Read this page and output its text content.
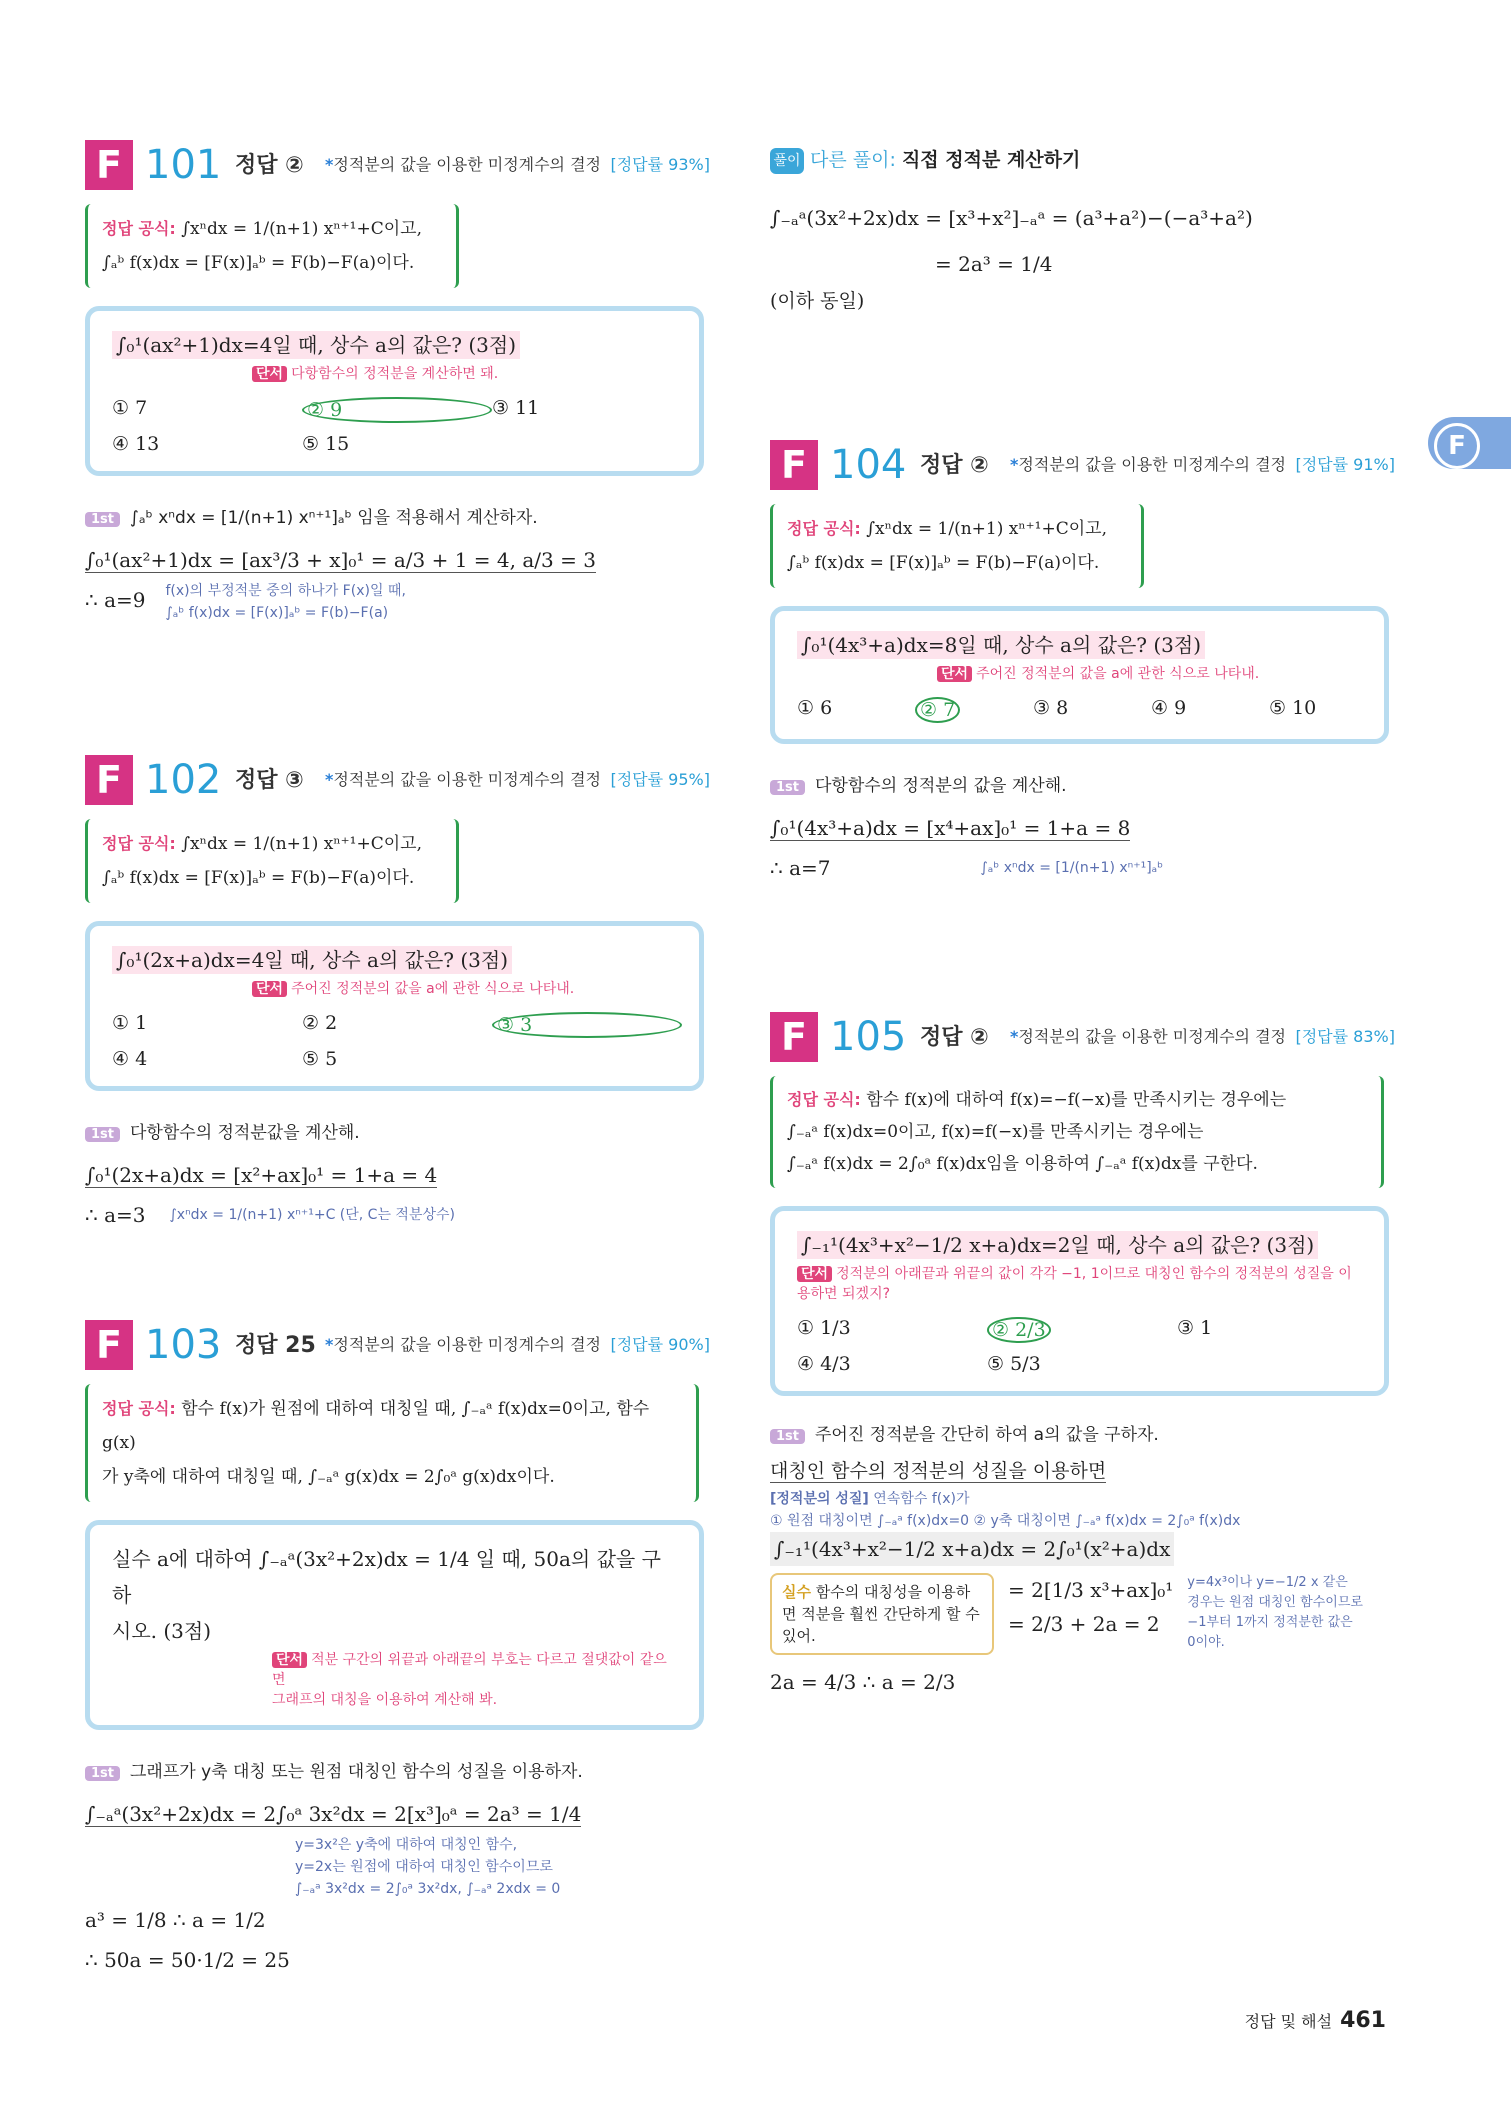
F 101 정답 ② *정적분의 값을 이용한 미정계수의 결정 [정답률 93%]
정답 공식: ∫xⁿdx = 1/(n+1) xⁿ⁺¹+C이고,
∫ₐᵇ f(x)dx = [F(x)]ₐᵇ = F(b)−F(a)이다.
∫₀¹(ax²+1)dx=4일 때, 상수 a의 값은? (3점)
단서 다항함수의 정적분을 계산하면 돼.
① 7	② 9	③ 11
④ 13	⑤ 15
1st ∫ₐᵇ xⁿdx = [1/(n+1) xⁿ⁺¹]ₐᵇ 임을 적용해서 계산하자.
∫₀¹(ax²+1)dx = [ax³/3 + x]₀¹ = a/3 + 1 = 4, a/3 = 3
∴ a=9 f(x)의 부정적분 중의 하나가 F(x)일 때,
∫ₐᵇ f(x)dx = [F(x)]ₐᵇ = F(b)−F(a)
F 102 정답 ③ *정적분의 값을 이용한 미정계수의 결정 [정답률 95%]
정답 공식: ∫xⁿdx = 1/(n+1) xⁿ⁺¹+C이고,
∫ₐᵇ f(x)dx = [F(x)]ₐᵇ = F(b)−F(a)이다.
∫₀¹(2x+a)dx=4일 때, 상수 a의 값은? (3점)
단서 주어진 정적분의 값을 a에 관한 식으로 나타내.
① 1	② 2	③ 3
④ 4	⑤ 5
1st 다항함수의 정적분값을 계산해.
∫₀¹(2x+a)dx = [x²+ax]₀¹ = 1+a = 4
∴ a=3 ∫xⁿdx = 1/(n+1) xⁿ⁺¹+C (단, C는 적분상수)
F 103 정답 25 *정적분의 값을 이용한 미정계수의 결정 [정답률 90%]
정답 공식: 함수 f(x)가 원점에 대하여 대칭일 때, ∫₋ₐᵃ f(x)dx=0이고, 함수 g(x)
가 y축에 대하여 대칭일 때, ∫₋ₐᵃ g(x)dx = 2∫₀ᵃ g(x)dx이다.
실수 a에 대하여 ∫₋ₐᵃ(3x²+2x)dx = 1/4 일 때, 50a의 값을 구하
시오. (3점)
단서 적분 구간의 위끝과 아래끝의 부호는 다르고 절댓값이 같으면
그래프의 대칭을 이용하여 계산해 봐.
1st 그래프가 y축 대칭 또는 원점 대칭인 함수의 성질을 이용하자.
∫₋ₐᵃ(3x²+2x)dx = 2∫₀ᵃ 3x²dx = 2[x³]₀ᵃ = 2a³ = 1/4
y=3x²은 y축에 대하여 대칭인 함수,
y=2x는 원점에 대하여 대칭인 함수이므로
∫₋ₐᵃ 3x²dx = 2∫₀ᵃ 3x²dx, ∫₋ₐᵃ 2xdx = 0
a³ = 1/8 ∴ a = 1/2
∴ 50a = 50·1/2 = 25
풀이 다른 풀이: 직접 정적분 계산하기
∫₋ₐᵃ(3x²+2x)dx = [x³+x²]₋ₐᵃ = (a³+a²)−(−a³+a²)
= 2a³ = 1/4
(이하 동일)
F 104 정답 ② *정적분의 값을 이용한 미정계수의 결정 [정답률 91%]
정답 공식: ∫xⁿdx = 1/(n+1) xⁿ⁺¹+C이고,
∫ₐᵇ f(x)dx = [F(x)]ₐᵇ = F(b)−F(a)이다.
∫₀¹(4x³+a)dx=8일 때, 상수 a의 값은? (3점)
단서 주어진 정적분의 값을 a에 관한 식으로 나타내.
① 6	② 7	③ 8	④ 9	⑤ 10
1st 다항함수의 정적분의 값을 계산해.
∫₀¹(4x³+a)dx = [x⁴+ax]₀¹ = 1+a = 8
∴ a=7	∫ₐᵇ xⁿdx = [1/(n+1) xⁿ⁺¹]ₐᵇ
F 105 정답 ② *정적분의 값을 이용한 미정계수의 결정 [정답률 83%]
정답 공식: 함수 f(x)에 대하여 f(x)=−f(−x)를 만족시키는 경우에는
∫₋ₐᵃ f(x)dx=0이고, f(x)=f(−x)를 만족시키는 경우에는
∫₋ₐᵃ f(x)dx = 2∫₀ᵃ f(x)dx임을 이용하여 ∫₋ₐᵃ f(x)dx를 구한다.
∫₋₁¹(4x³+x²−1/2 x+a)dx=2일 때, 상수 a의 값은? (3점)
단서 정적분의 아래끝과 위끝의 값이 각각 −1, 1이므로 대칭인 함수의 정적분의 성질을 이용하면 되겠지?
① 1/3	② 2/3	③ 1
④ 4/3	⑤ 5/3
1st 주어진 정적분을 간단히 하여 a의 값을 구하자.
대칭인 함수의 정적분의 성질을 이용하면
[정적분의 성질] 연속함수 f(x)가
① 원점 대칭이면 ∫₋ₐᵃ f(x)dx=0 ② y축 대칭이면 ∫₋ₐᵃ f(x)dx = 2∫₀ᵃ f(x)dx
∫₋₁¹(4x³+x²−1/2 x+a)dx = 2∫₀¹(x²+a)dx
실수 함수의 대칭성을 이용하면 적분을 훨씬 간단하게 할 수 있어.
= 2[1/3 x³+ax]₀¹
= 2/3 + 2a = 2
y=4x³이나 y=−1/2 x 같은
경우는 원점 대칭인 함수이므로
−1부터 1까지 정적분한 값은
0이야.
2a = 4/3 ∴ a = 2/3
F
정답 및 해설 461
